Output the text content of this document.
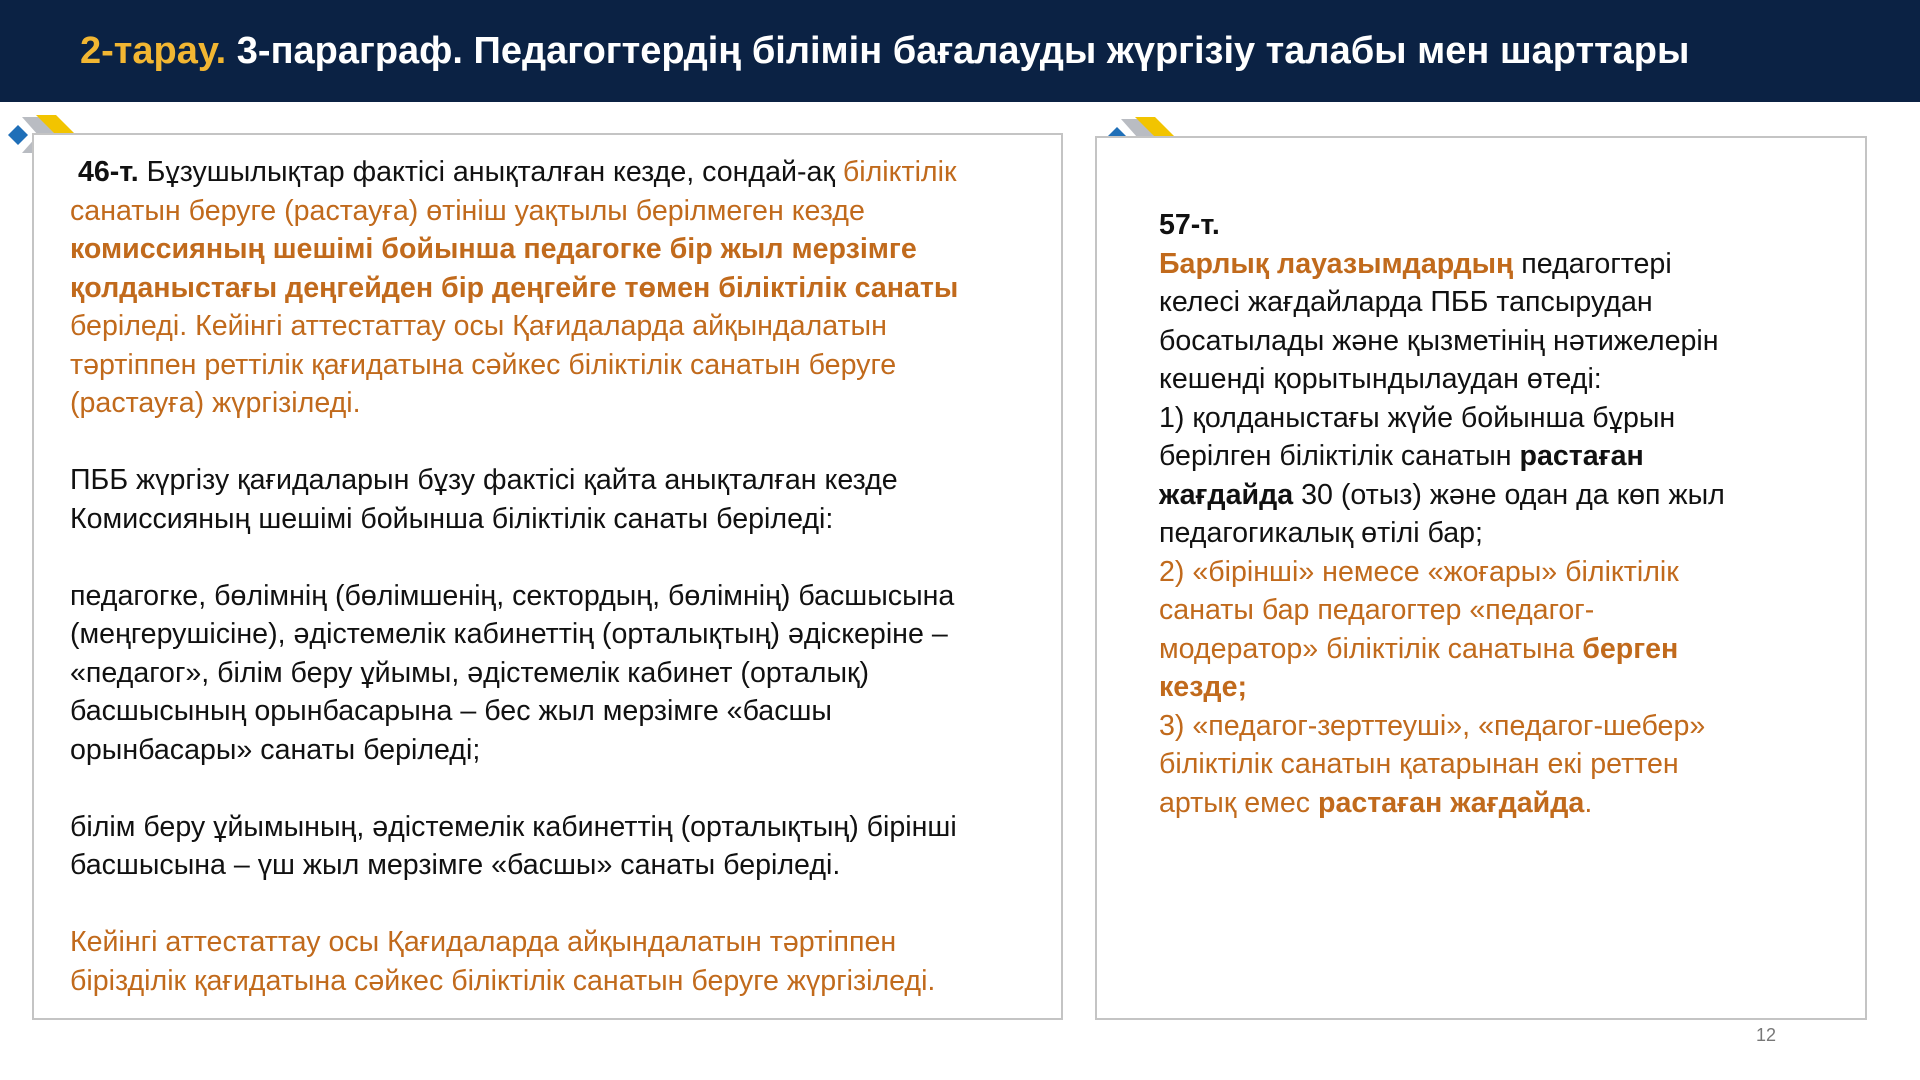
2-тарау. 3-параграф. Педагогтердің білімін бағалауды жүргізіу талабы мен шарттары
46-т. Бұзушылықтар фактісі анықталған кезде, сондай-ақ біліктілік
санатын беруге (растауға) өтініш уақтылы берілмеген кезде
комиссияның шешімі бойынша педагогке бір жыл мерзімге
қолданыстағы деңгейден бір деңгейге төмен біліктілік санаты
беріледі. Кейінгі аттестаттау осы Қағидаларда айқындалатын
тәртіппен реттілік қағидатына сәйкес біліктілік санатын беруге
(растауға) жүргізіледі.
ПББ жүргізу қағидаларын бұзу фактісі қайта анықталған кезде
Комиссияның шешімі бойынша біліктілік санаты беріледі:
педагогке, бөлімнің (бөлімшенің, сектордың, бөлімнің) басшысына
(меңгерушісіне), әдістемелік кабинеттің (орталықтың) әдіскеріне –
«педагог», білім беру ұйымы, әдістемелік кабинет (орталық)
басшысының орынбасарына – бес жыл мерзімге «басшы
орынбасары» санаты беріледі;
білім беру ұйымының, әдістемелік кабинеттің (орталықтың) бірінші
басшысына – үш жыл мерзімге «басшы» санаты беріледі.
Кейінгі аттестаттау осы Қағидаларда айқындалатын тәртіппен
бірізділік қағидатына сәйкес біліктілік санатын беруге жүргізіледі.
57-т.
Барлық лауазымдардың педагогтері
келесі жағдайларда ПББ тапсырудан
босатылады және қызметінің нәтижелерін
кешенді қорытындылаудан өтеді:
1) қолданыстағы жүйе бойынша бұрын
берілген біліктілік санатын растаған
жағдайда 30 (отыз) және одан да көп жыл
педагогикалық өтілі бар;
2) «бірінші» немесе «жоғары» біліктілік
санаты бар педагогтер «педагог-
модератор» біліктілік санатына берген
кезде;
3) «педагог-зерттеуші», «педагог-шебер»
біліктілік санатын қатарынан екі реттен
артық емес растаған жағдайда.
12
